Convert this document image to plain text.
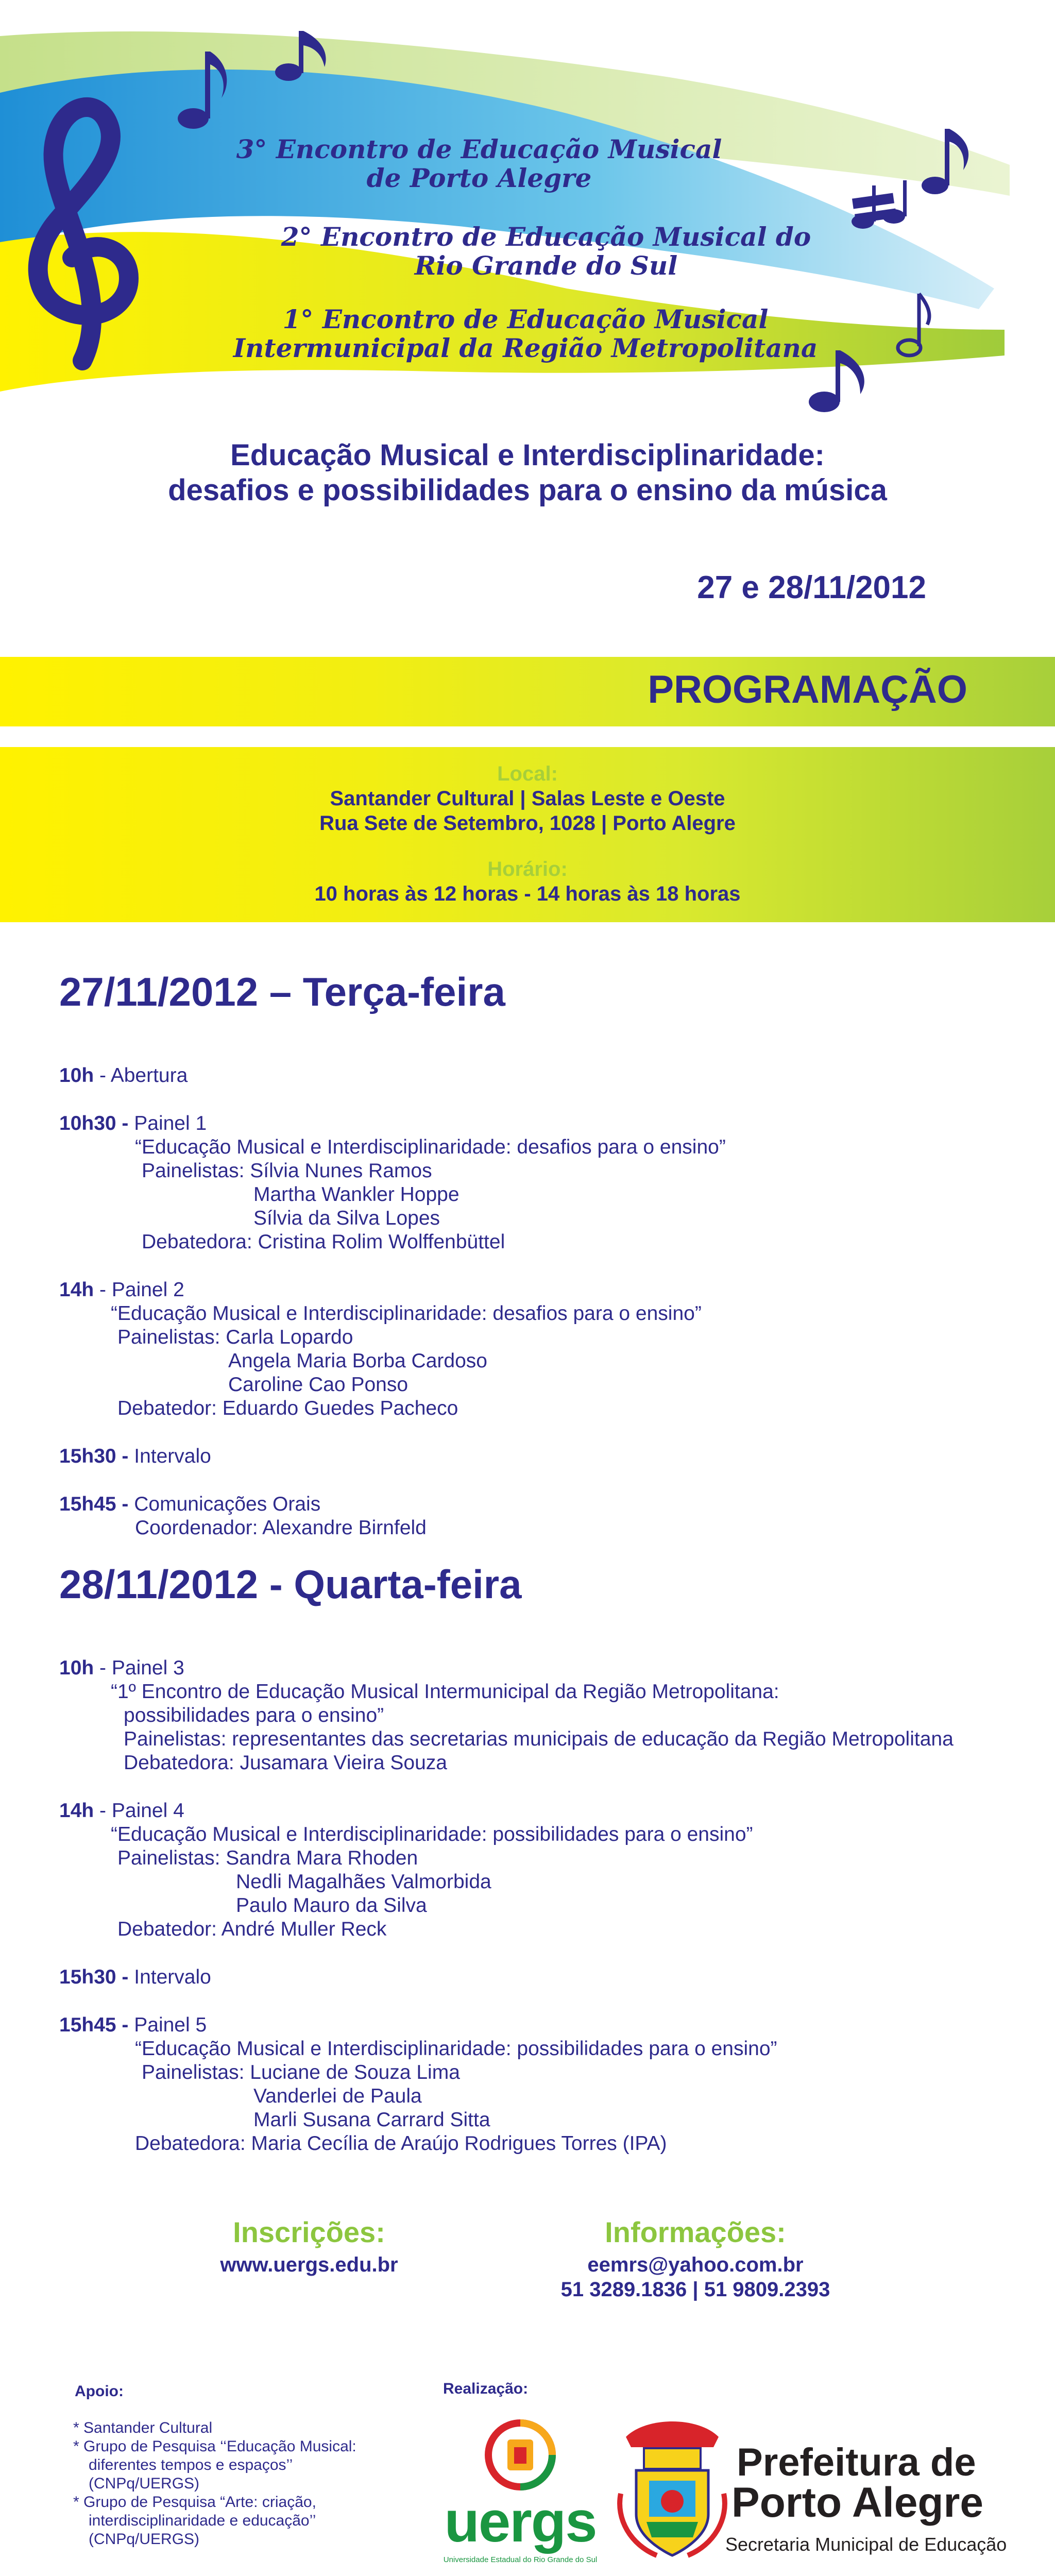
3° Encontro de Educação Musical
de Porto Alegre
2° Encontro de Educação Musical do
Rio Grande do Sul
1° Encontro de Educação Musical
Intermunicipal da Região Metropolitana
Educação Musical e Interdisciplinaridade:
desafios e possibilidades para o ensino da música
27 e 28/11/2012
PROGRAMAÇÃO
Local:
Santander Cultural | Salas Leste e Oeste
Rua Sete de Setembro, 1028 | Porto Alegre
Horário:
10 horas às 12 horas - 14 horas às 18 horas
27/11/2012 – Terça-feira
10h - Abertura
10h30 - Painel 1
“Educação Musical e Interdisciplinaridade: desafios para o ensino”
Painelistas: Sílvia Nunes Ramos
Martha Wankler Hoppe
Sílvia da Silva Lopes
Debatedora: Cristina Rolim Wolffenbüttel
14h - Painel 2
“Educação Musical e Interdisciplinaridade: desafios para o ensino”
Painelistas: Carla Lopardo
Angela Maria Borba Cardoso
Caroline Cao Ponso
Debatedor: Eduardo Guedes Pacheco
15h30 - Intervalo
15h45 - Comunicações Orais
Coordenador: Alexandre Birnfeld
28/11/2012 - Quarta-feira
10h - Painel 3
“1º Encontro de Educação Musical Intermunicipal da Região Metropolitana:
possibilidades para o ensino”
Painelistas: representantes das secretarias municipais de educação da Região Metropolitana
Debatedora: Jusamara Vieira Souza
14h - Painel 4
“Educação Musical e Interdisciplinaridade: possibilidades para o ensino”
Painelistas: Sandra Mara Rhoden
Nedli Magalhães Valmorbida
Paulo Mauro da Silva
Debatedor: André Muller Reck
15h30 - Intervalo
15h45 - Painel 5
“Educação Musical e Interdisciplinaridade: possibilidades para o ensino”
Painelistas: Luciane de Souza Lima
Vanderlei de Paula
Marli Susana Carrard Sitta
Debatedora: Maria Cecília de Araújo Rodrigues Torres (IPA)
Inscrições:
www.uergs.edu.br
Informações:
eemrs@yahoo.com.br
51 3289.1836 | 51 9809.2393
Apoio:
* Santander Cultural
* Grupo de Pesquisa ‘‘Educação Musical:
diferentes tempos e espaços’’
(CNPq/UERGS)
* Grupo de Pesquisa “Arte: criação,
interdisciplinaridade e educação’’
(CNPq/UERGS)
Realização:
uergs
Universidade Estadual do Rio Grande do Sul
Prefeitura de
Porto Alegre
Secretaria Municipal de Educação
